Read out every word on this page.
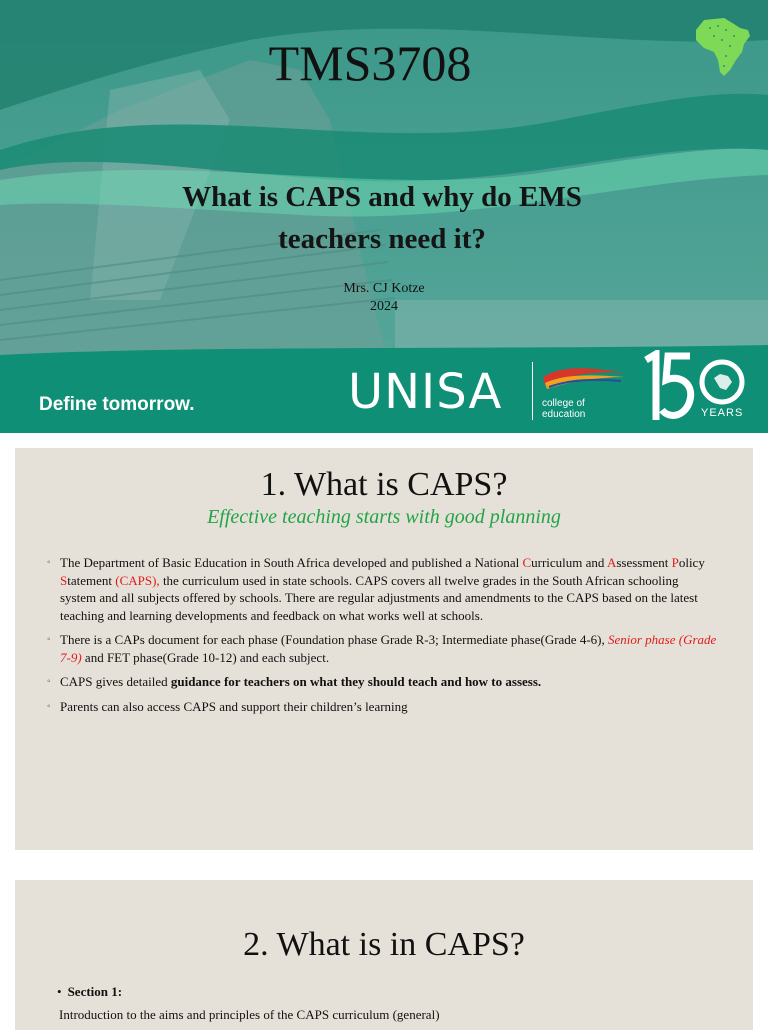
TMS3708
What is CAPS and why do EMS
teachers need it?
Mrs. CJ Kotze
2024
Define tomorrow.	UNISA	college of
education	YEARS
1. What is CAPS?
Effective teaching starts with good planning
◦ The Department of Basic Education in South Africa developed and published a National Curriculum and Assessment Policy Statement (CAPS), the curriculum used in state schools. CAPS covers all twelve grades in the South African schooling system and all subjects offered by schools. There are regular adjustments and amendments to the CAPS based on the latest teaching and learning developments and feedback on what works well at schools.
◦ There is a CAPs document for each phase (Foundation phase Grade R-3; Intermediate phase(Grade 4-6), Senior phase (Grade 7-9) and FET phase(Grade 10-12) and each subject.
◦ CAPS gives detailed guidance for teachers on what they should teach and how to assess.
◦ Parents can also access CAPS and support their children’s learning
2. What is in CAPS?
• Section 1:
Introduction to the aims and principles of the CAPS curriculum (general)
